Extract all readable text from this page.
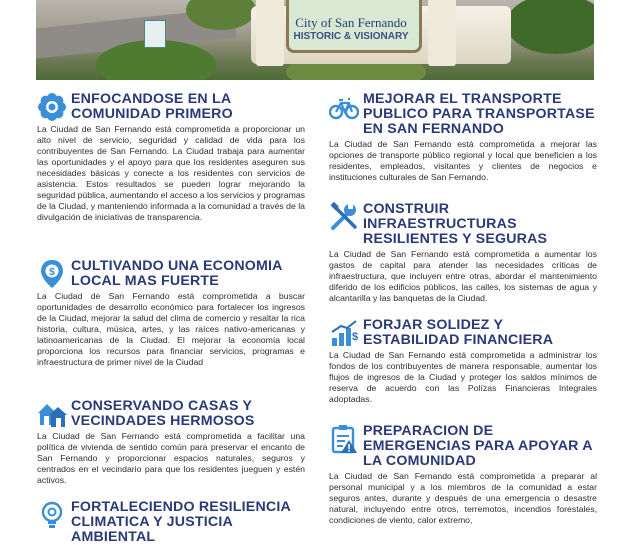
City of San Fernando
HISTORIC & VISIONARY
ENFOCANDOSE EN LA COMUNIDAD PRIMERO
La Ciudad de San Fernando está comprometida a proporcionar un alto nivel de servicio, seguridad y calidad de vida para los contribuyentes de San Fernando. La Ciudad trabaja para aumentar las oportunidades y el apoyo para que los residentes aseguren sus necesidades básicas y conecte a los residentes con servicios de asistencia. Estos resultados se pueden lograr mejorando la seguridad pública, aumentando el acceso a los servicios y programas de la Ciudad, y manteniendo informada a la comunidad a través de la divulgación de iniciativas de transparencia.
$ CULTIVANDO UNA ECONOMIA LOCAL MAS FUERTE
La Ciudad de San Fernando está comprometida a buscar oportunidades de desarrollo económico para fortalecer los ingresos de la Ciudad, mejorar la salud del clima de comercio y resaltar la rica historia, cultura, música, artes, y las raíces nativo-americanas y latinoamericanas de la Ciudad. El mejorar la economía local proporciona los recursos para financiar servicios, programas e infraestructura de primer nivel de la Ciudad
CONSERVANDO CASAS Y VECINDADES HERMOSOS
La Ciudad de San Fernando está comprometida a facilitar una política de vivienda de sentido común para preservar el encanto de San Fernando y proporcionar espacios naturales, seguros y centrados en el vecindario para que los residentes jueguen y estén activos.
FORTALECIENDO RESILIENCIA CLIMATICA Y JUSTICIA AMBIENTAL
MEJORAR EL TRANSPORTE PUBLICO PARA TRANSPORTASE EN SAN FERNANDO
La Ciudad de San Fernando está comprometida a mejorar las opciones de transporte público regional y local que beneficien a los residentes, empleados, visitantes y clientes de negocios e instituciones culturales de San Fernando.
CONSTRUIR INFRAESTRUCTURAS RESILIENTES Y SEGURAS
La Ciudad de San Fernando está comprometida a aumentar los gastos de capital para atender las necesidades críticas de infraestructura, que incluyen entre otras, abordar el mantenimiento diferido de los edificios públicos, las calles, los sistemas de agua y alcantarilla y las banquetas de la Ciudad.
$
FORJAR SOLIDEZ Y ESTABILIDAD FINANCIERA
La Ciudad de San Fernando está comprometida a administrar los fondos de los contribuyentes de manera responsable, aumentar los flujos de ingresos de la Ciudad y proteger los saldos mínimos de reserva de acuerdo con las Polízas Financieras Integrales adoptadas.
PREPARACION DE EMERGENCIAS PARA APOYAR A LA COMUNIDAD
La Ciudad de San Fernando está comprometida a preparar al personal municipal y a los miembros de la comunidad a estar seguros antes, durante y después de una emergencia o desastre natural, incluyendo entre otros, terremotos, incendios forestales, condiciones de viento, calor extremo,
